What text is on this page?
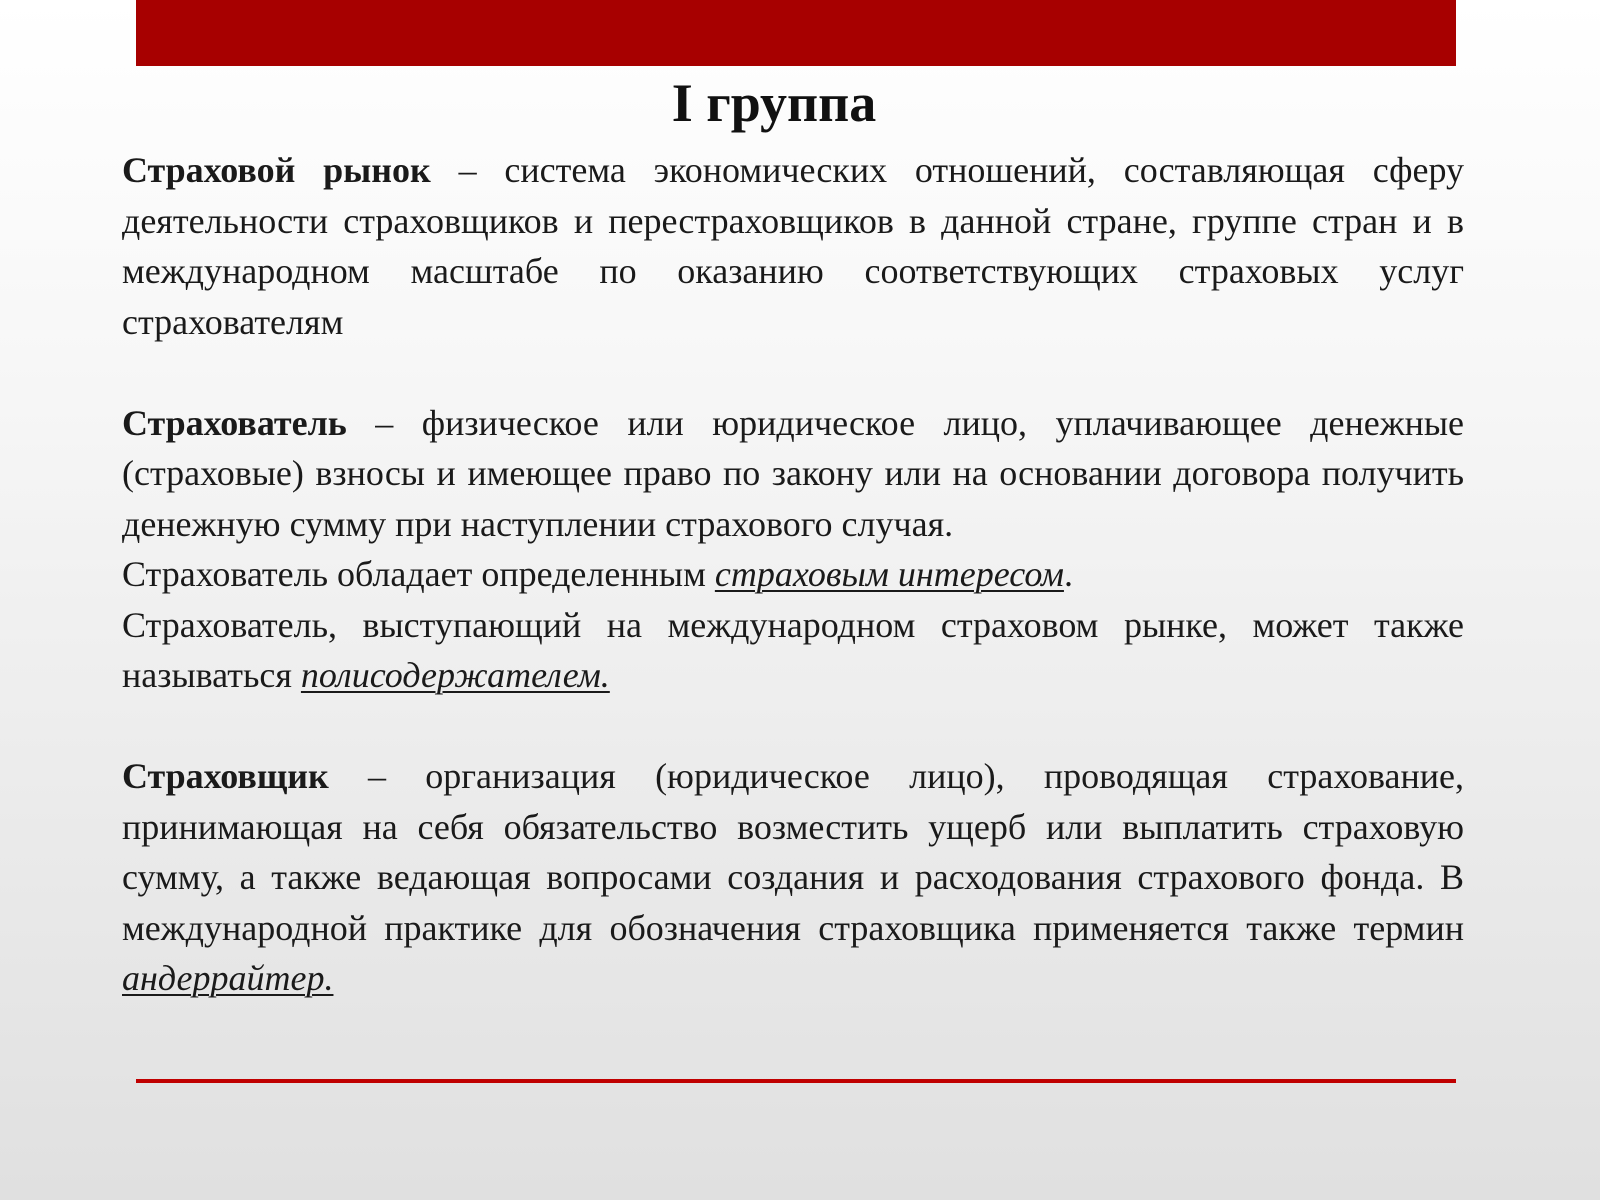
I группа

Страховой рынок – система экономических отношений, составляющая сферу деятельности страховщиков и перестраховщиков в данной стране, группе стран и в международном масштабе по оказанию соответствующих страховых услуг страхователям

Страхователь – физическое или юридическое лицо, уплачивающее денежные (страховые) взносы и имеющее право по закону или на основании договора получить денежную сумму при наступлении страхового случая.

Страхователь обладает определенным страховым интересом.

Страхователь, выступающий на международном страховом рынке, может также называться полисодержателем.

Страховщик – организация (юридическое лицо), проводящая страхование, принимающая на себя обязательство возместить ущерб или выплатить страховую сумму, а также ведающая вопросами создания и расходования страхового фонда. В международной практике для обозначения страховщика применяется также термин андеррайтер.
